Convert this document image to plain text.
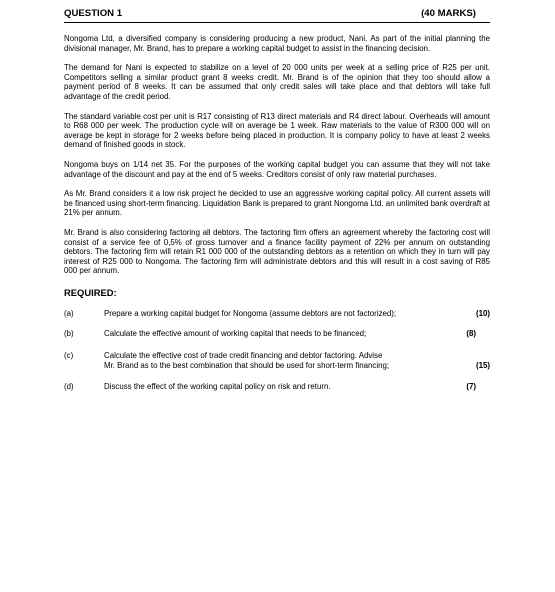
QUESTION 1	(40 MARKS)

Nongoma Ltd, a diversified company is considering producing a new product, Nani. As part of the initial planning the divisional manager, Mr. Brand, has to prepare a working capital budget to assist in the financing decision.

The demand for Nani is expected to stabilize on a level of 20 000 units per week at a selling price of R25 per unit. Competitors selling a similar product grant 8 weeks credit. Mr. Brand is of the opinion that they too should allow a payment period of 8 weeks. It can be assumed that only credit sales will take place and that debtors will take full advantage of the credit period.

The standard variable cost per unit is R17 consisting of R13 direct materials and R4 direct labour. Overheads will amount to R68 000 per week. The production cycle will on average be 1 week. Raw materials to the value of R300 000 will on average be kept in storage for 2 weeks before being placed in production. It is company policy to have at least 2 weeks demand of finished goods in stock.

Nongoma buys on 1/14 net 35. For the purposes of the working capital budget you can assume that they will not take advantage of the discount and pay at the end of 5 weeks. Creditors consist of only raw material purchases.

As Mr. Brand considers it a low risk project he decided to use an aggressive working capital policy. All current assets will be financed using short-term financing. Liquidation Bank is prepared to grant Nongoma Ltd. an unlimited bank overdraft at 21% per annum.

Mr. Brand is also considering factoring all debtors. The factoring firm offers an agreement whereby the factoring cost will consist of a service fee of 0,5% of gross turnover and a finance facility payment of 22% per annum on outstanding debtors. The factoring firm will retain R1 000 000 of the outstanding debtors as a retention on which they in turn will pay interest of R25 000 to Nongoma. The factoring firm will administrate debtors and this will result in a cost saving of R85 000 per annum.

REQUIRED:
(a)	Prepare a working capital budget for Nongoma (assume debtors are not factorized);	(10)
(b)	Calculate the effective amount of working capital that needs to be financed;	(8)
(c)	Calculate the effective cost of trade credit financing and debtor factoring. Advise
Mr. Brand as to the best combination that should be used for short-term financing;	(15)
(d)	Discuss the effect of the working capital policy on risk and return.	(7)
